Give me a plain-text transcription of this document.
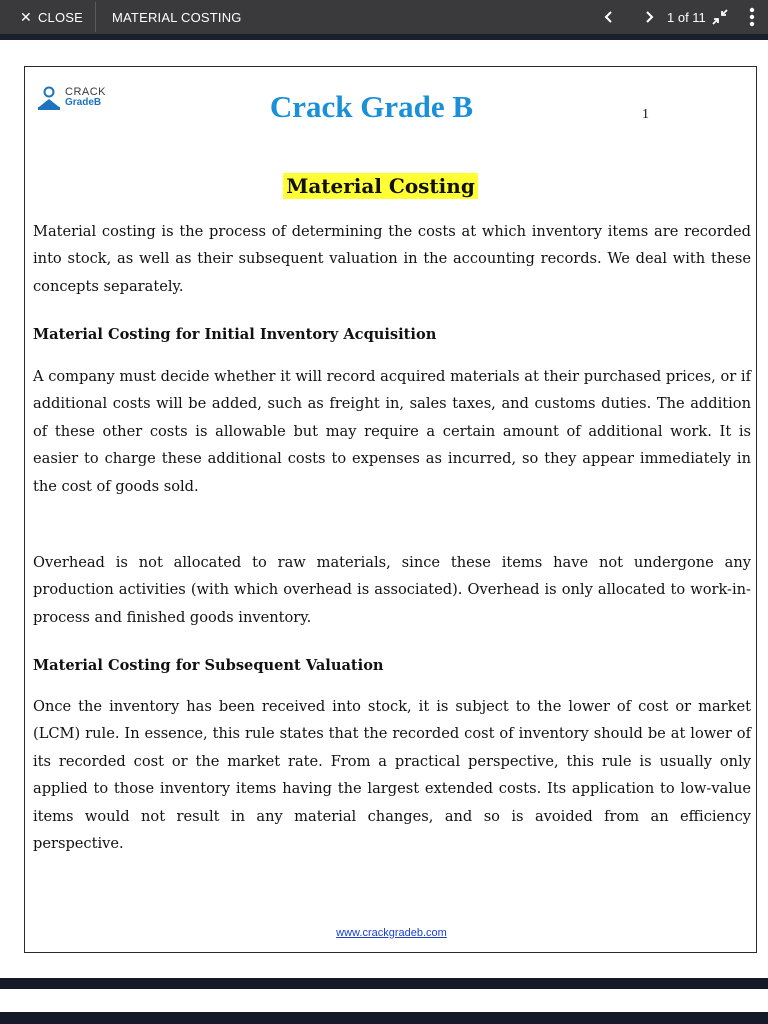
✕ CLOSE MATERIAL COSTING	1 of 11
CRACK
GradeB	Crack Grade B	1
Material Costing

Material costing is the process of determining the costs at which inventory items are recorded into stock, as well as their subsequent valuation in the accounting records. We deal with these concepts separately.

Material Costing for Initial Inventory Acquisition

A company must decide whether it will record acquired materials at their purchased prices, or if additional costs will be added, such as freight in, sales taxes, and customs duties. The addition of these other costs is allowable but may require a certain amount of additional work. It is easier to charge these additional costs to expenses as incurred, so they appear immediately in the cost of goods sold.

Overhead is not allocated to raw materials, since these items have not undergone any production activities (with which overhead is associated). Overhead is only allocated to work-in-process and finished goods inventory.

Material Costing for Subsequent Valuation

Once the inventory has been received into stock, it is subject to the lower of cost or market (LCM) rule. In essence, this rule states that the recorded cost of inventory should be at lower of its recorded cost or the market rate. From a practical perspective, this rule is usually only applied to those inventory items having the largest extended costs. Its application to low-value items would not result in any material changes, and so is avoided from an efficiency perspective.

www.crackgradeb.com
